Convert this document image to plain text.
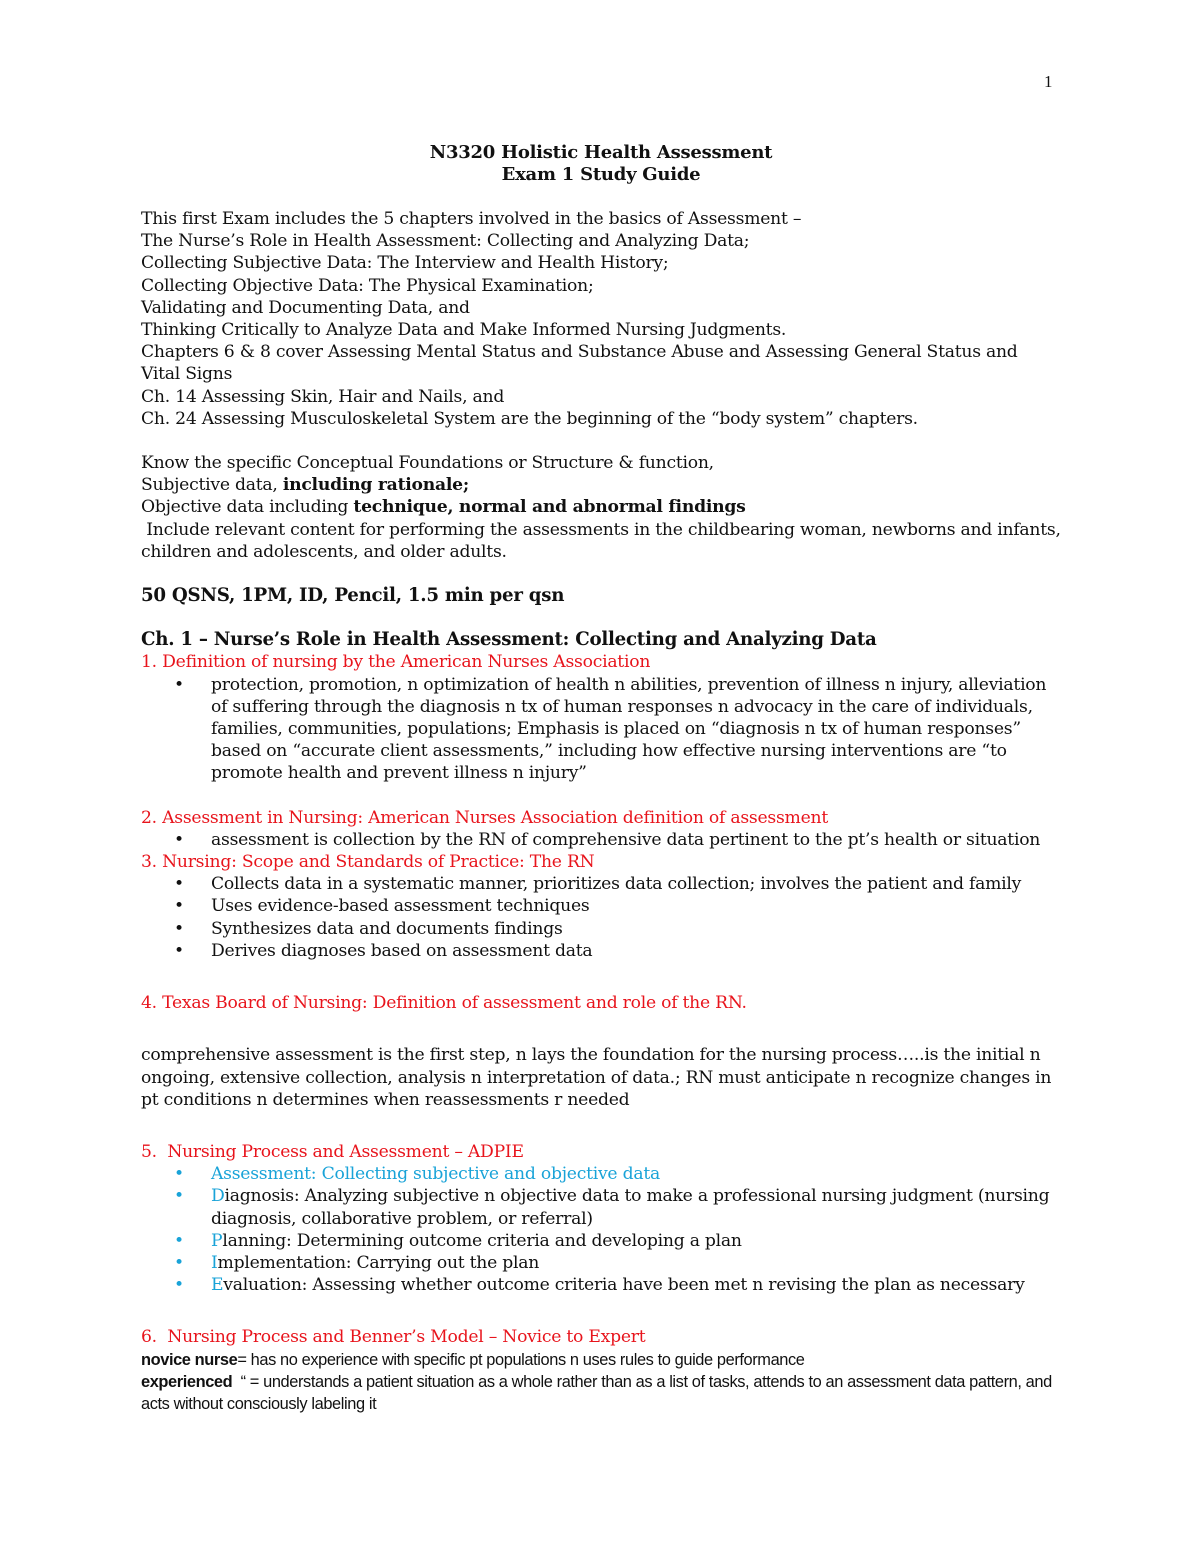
1
N3320 Holistic Health Assessment
Exam 1 Study Guide
This first Exam includes the 5 chapters involved in the basics of Assessment –
The Nurse’s Role in Health Assessment: Collecting and Analyzing Data;
Collecting Subjective Data: The Interview and Health History;
Collecting Objective Data: The Physical Examination;
Validating and Documenting Data, and
Thinking Critically to Analyze Data and Make Informed Nursing Judgments.
Chapters 6 & 8 cover Assessing Mental Status and Substance Abuse and Assessing General Status and Vital Signs
Ch. 14 Assessing Skin, Hair and Nails, and
Ch. 24 Assessing Musculoskeletal System are the beginning of the “body system” chapters.
Know the specific Conceptual Foundations or Structure & function,
Subjective data, including rationale;
Objective data including technique, normal and abnormal findings
Include relevant content for performing the assessments in the childbearing woman, newborns and infants, children and adolescents, and older adults.
50 QSNS, 1PM, ID, Pencil, 1.5 min per qsn
Ch. 1 – Nurse’s Role in Health Assessment: Collecting and Analyzing Data
1. Definition of nursing by the American Nurses Association
• protection, promotion, n optimization of health n abilities, prevention of illness n injury, alleviation of suffering through the diagnosis n tx of human responses n advocacy in the care of individuals, families, communities, populations; Emphasis is placed on “diagnosis n tx of human responses” based on “accurate client assessments,” including how effective nursing interventions are “to promote health and prevent illness n injury”
2. Assessment in Nursing: American Nurses Association definition of assessment
• assessment is collection by the RN of comprehensive data pertinent to the pt’s health or situation
3. Nursing: Scope and Standards of Practice: The RN
• Collects data in a systematic manner, prioritizes data collection; involves the patient and family
• Uses evidence-based assessment techniques
• Synthesizes data and documents findings
• Derives diagnoses based on assessment data
4. Texas Board of Nursing: Definition of assessment and role of the RN.
comprehensive assessment is the first step, n lays the foundation for the nursing process…..is the initial n ongoing, extensive collection, analysis n interpretation of data.; RN must anticipate n recognize changes in pt conditions n determines when reassessments r needed
5.  Nursing Process and Assessment – ADPIE
• Assessment: Collecting subjective and objective data
• Diagnosis: Analyzing subjective n objective data to make a professional nursing judgment (nursing diagnosis, collaborative problem, or referral)
• Planning: Determining outcome criteria and developing a plan
• Implementation: Carrying out the plan
• Evaluation: Assessing whether outcome criteria have been met n revising the plan as necessary
6.  Nursing Process and Benner’s Model – Novice to Expert
novice nurse= has no experience with specific pt populations n uses rules to guide performance
experienced  “ = understands a patient situation as a whole rather than as a list of tasks, attends to an assessment data pattern, and acts without consciously labeling it
